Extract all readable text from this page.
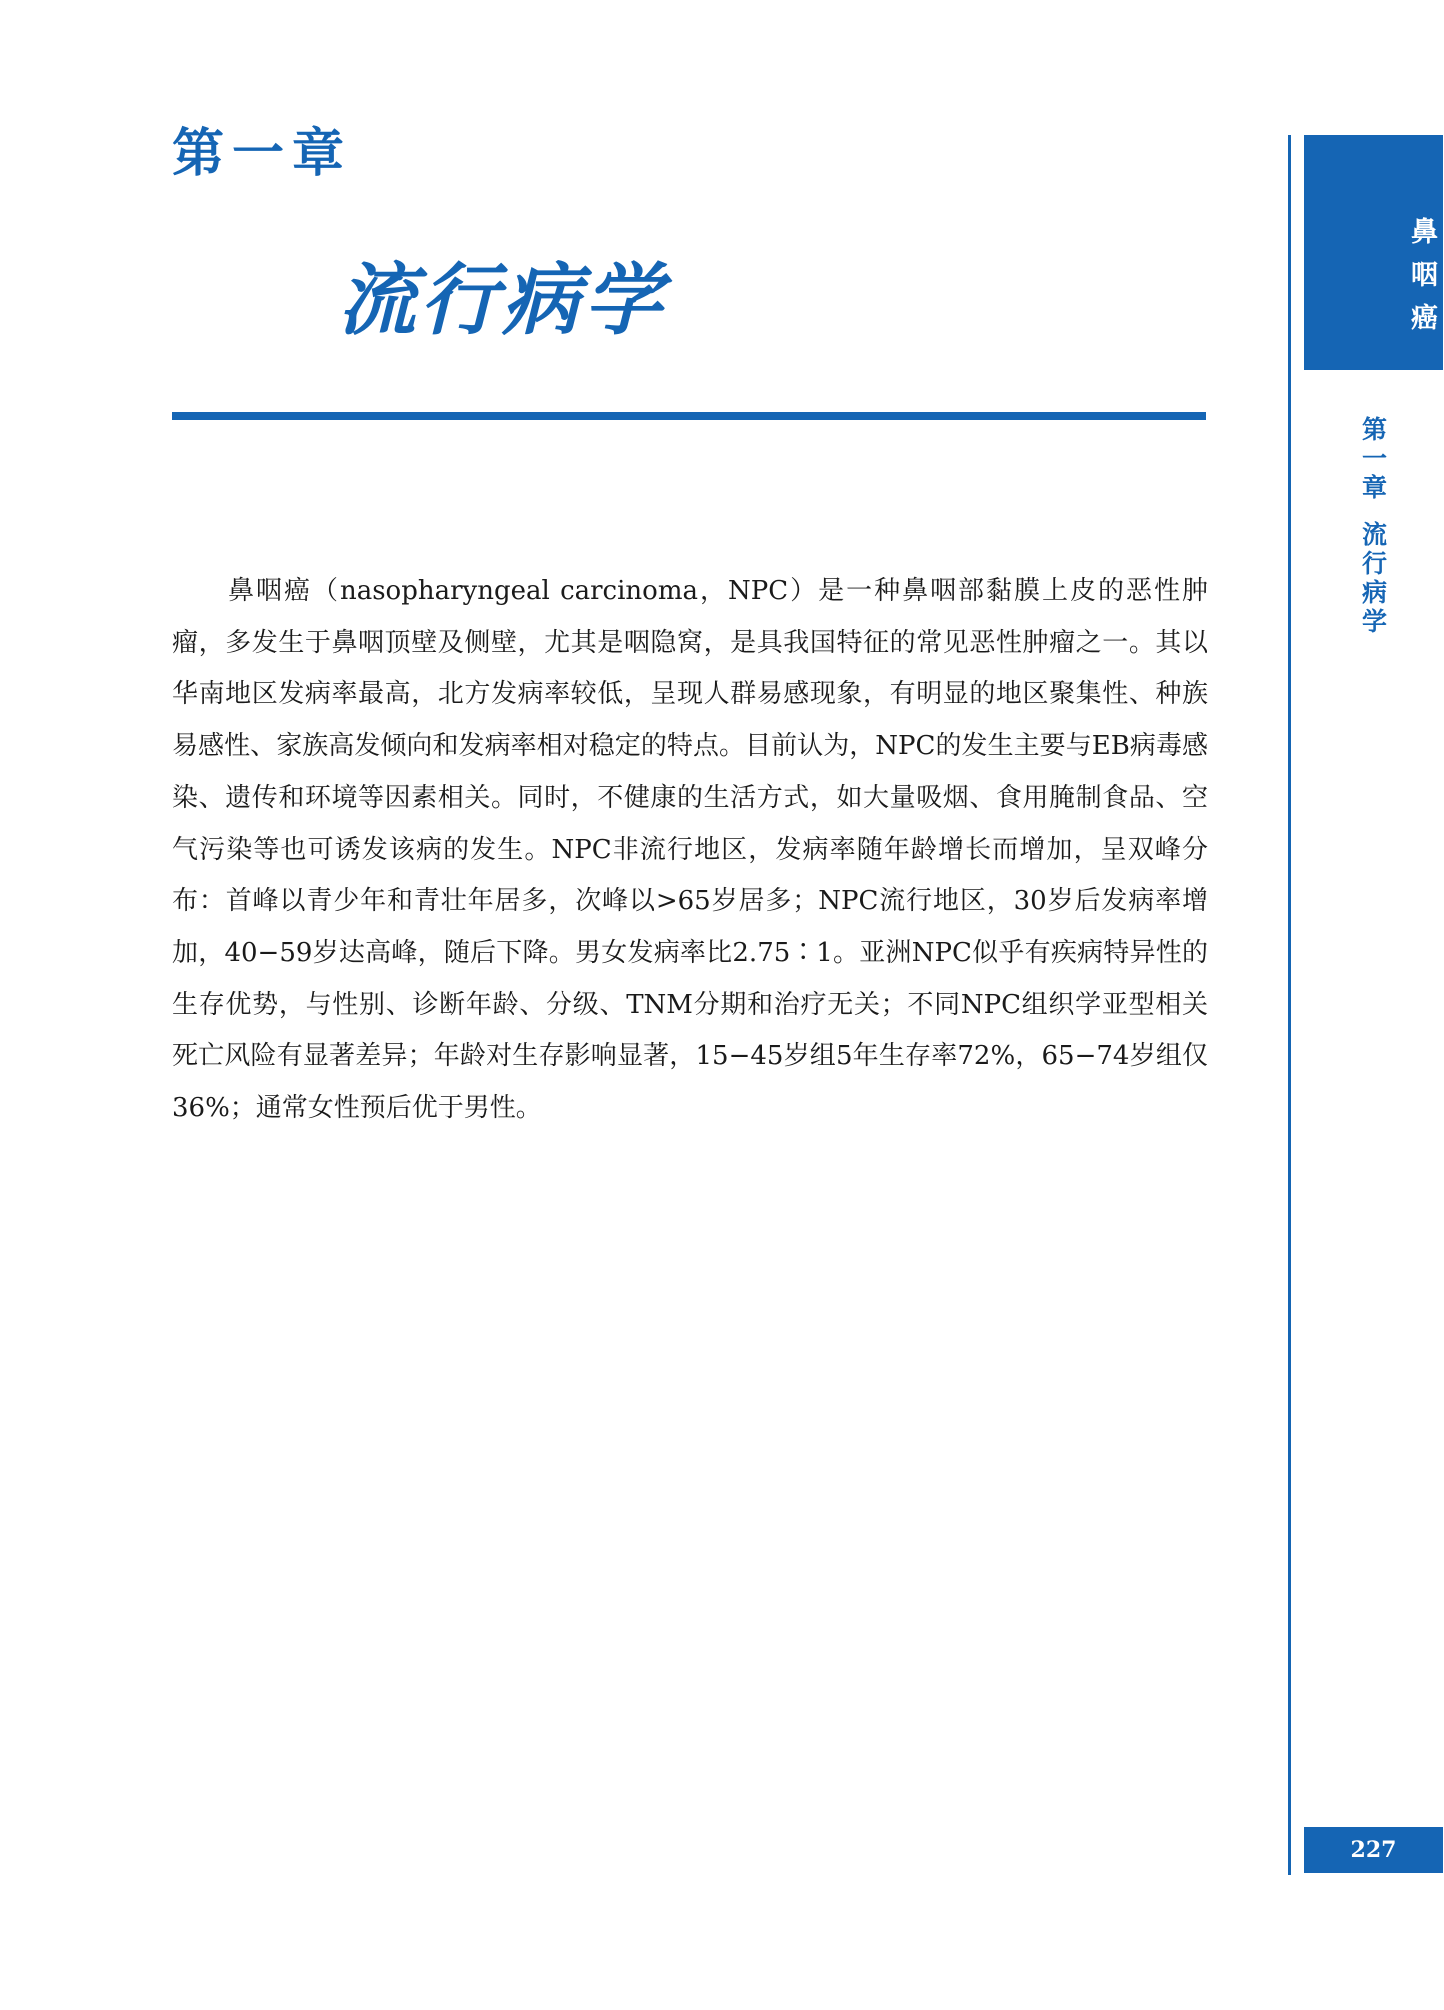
第一章
流行病学

鼻咽癌（nasopharyngeal carcinoma，NPC）是一种鼻咽部黏膜上皮的恶性肿瘤，多发生于鼻咽顶壁及侧壁，尤其是咽隐窝，是具我国特征的常见恶性肿瘤之一。其以华南地区发病率最高，北方发病率较低，呈现人群易感现象，有明显的地区聚集性、种族易感性、家族高发倾向和发病率相对稳定的特点。目前认为，NPC的发生主要与EB病毒感染、遗传和环境等因素相关。同时，不健康的生活方式，如大量吸烟、食用腌制食品、空气污染等也可诱发该病的发生。NPC非流行地区，发病率随年龄增长而增加，呈双峰分布：首峰以青少年和青壮年居多，次峰以>65岁居多；NPC流行地区，30岁后发病率增加，40−59岁达高峰，随后下降。男女发病率比2.75∶1。亚洲NPC似乎有疾病特异性的生存优势，与性别、诊断年龄、分级、TNM分期和治疗无关；不同NPC组织学亚型相关死亡风险有显著差异；年龄对生存影响显著，15−45岁组5年生存率72%，65−74岁组仅36%；通常女性预后优于男性。

鼻咽癌
第一章
流行病学
227
